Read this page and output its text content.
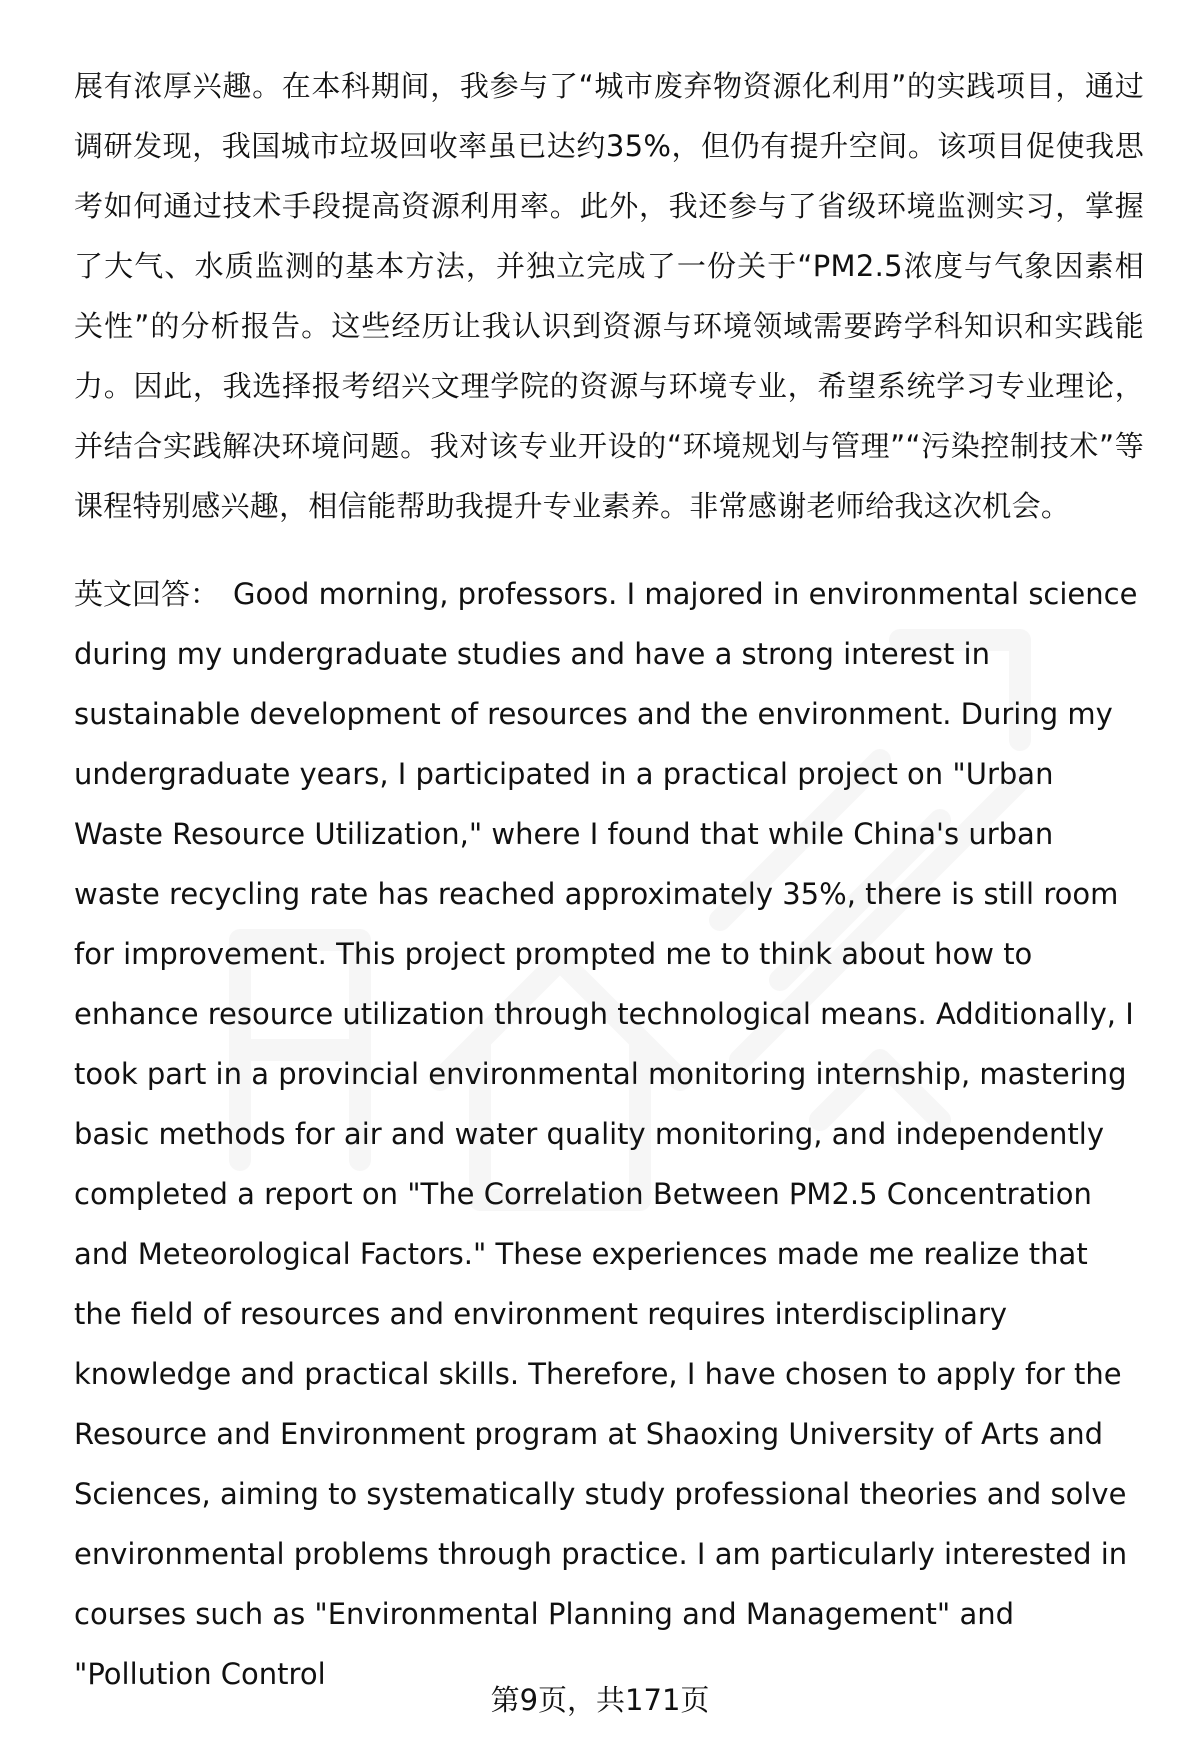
展有浓厚兴趣。在本科期间，我参与了“城市废弃物资源化利用”的实践项目，通过调研发现，我国城市垃圾回收率虽已达约35%，但仍有提升空间。该项目促使我思考如何通过技术手段提高资源利用率。此外，我还参与了省级环境监测实习，掌握了大气、水质监测的基本方法，并独立完成了一份关于“PM2.5浓度与气象因素相关性”的分析报告。这些经历让我认识到资源与环境领域需要跨学科知识和实践能力。因此，我选择报考绍兴文理学院的资源与环境专业，希望系统学习专业理论，并结合实践解决环境问题。我对该专业开设的“环境规划与管理”“污染控制技术”等课程特别感兴趣，相信能帮助我提升专业素养。非常感谢老师给我这次机会。

英文回答： Good morning, professors. I majored in environmental science during my undergraduate studies and have a strong interest in sustainable development of resources and the environment. During my undergraduate years, I participated in a practical project on "Urban Waste Resource Utilization," where I found that while China's urban waste recycling rate has reached approximately 35%, there is still room for improvement. This project prompted me to think about how to enhance resource utilization through technological means. Additionally, I took part in a provincial environmental monitoring internship, mastering basic methods for air and water quality monitoring, and independently completed a report on "The Correlation Between PM2.5 Concentration and Meteorological Factors." These experiences made me realize that the field of resources and environment requires interdisciplinary knowledge and practical skills. Therefore, I have chosen to apply for the Resource and Environment program at Shaoxing University of Arts and Sciences, aiming to systematically study professional theories and solve environmental problems through practice. I am particularly interested in courses such as "Environmental Planning and Management" and "Pollution Control

第9页，共171页
